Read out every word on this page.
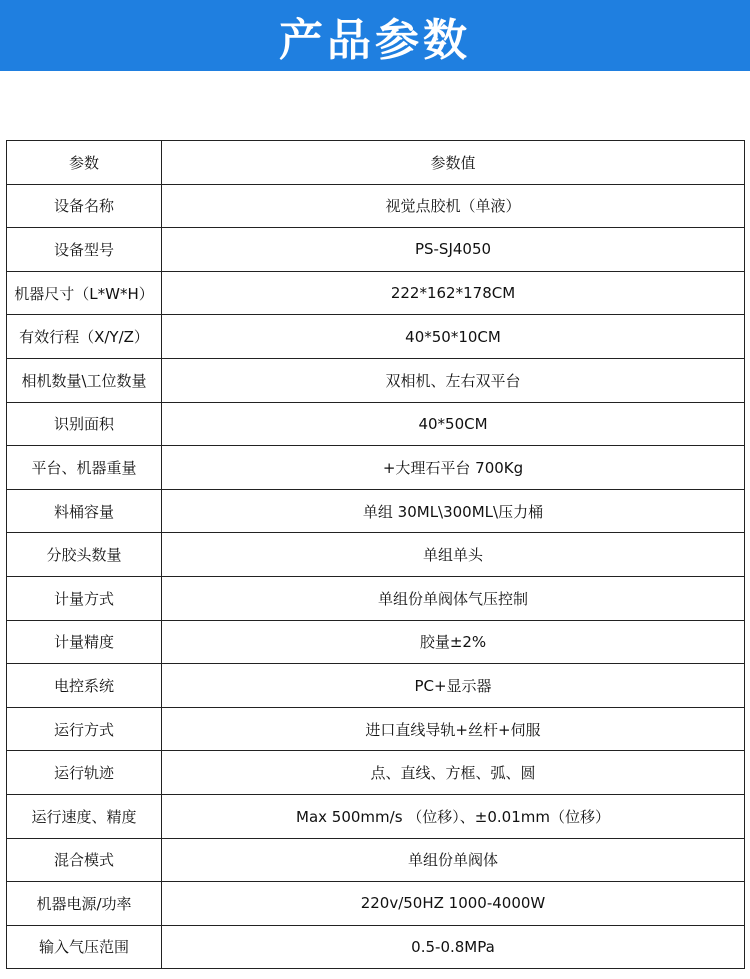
产品参数
参数	参数值
设备名称	视觉点胶机（单液）
设备型号	PS-SJ4050
机器尺寸（L*W*H）	222*162*178CM
有效行程（X/Y/Z）	40*50*10CM
相机数量\工位数量	双相机、左右双平台
识别面积	40*50CM
平台、机器重量	+大理石平台 700Kg
料桶容量	单组 30ML\300ML\压力桶
分胶头数量	单组单头
计量方式	单组份单阀体气压控制
计量精度	胶量±2%
电控系统	PC+显示器
运行方式	进口直线导轨+丝杆+伺服
运行轨迹	点、直线、方框、弧、圆
运行速度、精度	Max 500mm/s （位移）、±0.01mm（位移）
混合模式	单组份单阀体
机器电源/功率	220v/50HZ 1000-4000W
输入气压范围	0.5-0.8MPa
